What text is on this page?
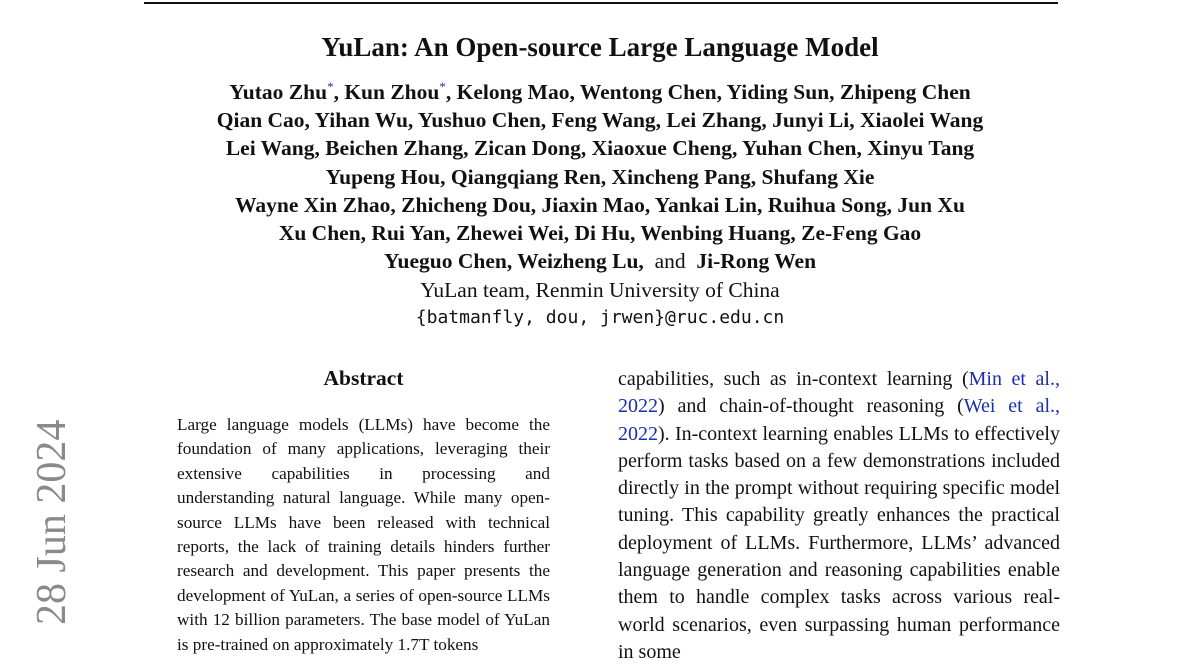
YuLan: An Open-source Large Language Model
Yutao Zhu*, Kun Zhou*, Kelong Mao, Wentong Chen, Yiding Sun, Zhipeng Chen
Qian Cao, Yihan Wu, Yushuo Chen, Feng Wang, Lei Zhang, Junyi Li, Xiaolei Wang
Lei Wang, Beichen Zhang, Zican Dong, Xiaoxue Cheng, Yuhan Chen, Xinyu Tang
Yupeng Hou, Qiangqiang Ren, Xincheng Pang, Shufang Xie
Wayne Xin Zhao, Zhicheng Dou, Jiaxin Mao, Yankai Lin, Ruihua Song, Jun Xu
Xu Chen, Rui Yan, Zhewei Wei, Di Hu, Wenbing Huang, Ze-Feng Gao
Yueguo Chen, Weizheng Lu, and Ji-Rong Wen
YuLan team, Renmin University of China
{batmanfly, dou, jrwen}@ruc.edu.cn
Abstract

Large language models (LLMs) have become the foundation of many applications, leveraging their extensive capabilities in processing and understanding natural language. While many open-source LLMs have been released with technical reports, the lack of training details hinders further research and development. This paper presents the development of YuLan, a series of open-source LLMs with 12 billion parameters. The base model of YuLan is pre-trained on approximately 1.7T tokens

capabilities, such as in-context learning (Min et al., 2022) and chain-of-thought reasoning (Wei et al., 2022). In-context learning enables LLMs to effectively perform tasks based on a few demonstrations included directly in the prompt without requiring specific model tuning. This capability greatly enhances the practical deployment of LLMs. Furthermore, LLMs’ advanced language generation and reasoning capabilities enable them to handle complex tasks across various real-world scenarios, even surpassing human performance in some

28 Jun 2024
